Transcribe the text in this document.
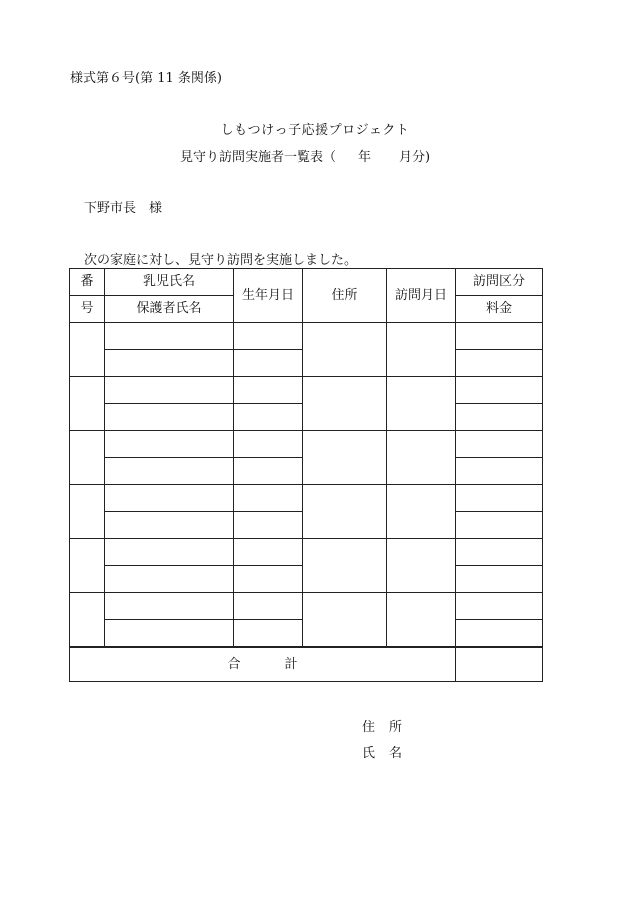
様式第６号(第 11 条関係)
しもつけっ子応援プロジェクト
見守り訪問実施者一覧表（ 年 月分)
下野市長　様
次の家庭に対し、見守り訪問を実施しました。
番	乳児氏名	生年月日	住所	訪問月日	訪問区分
号	保護者氏名				料金

合 計					
住 所
氏 名
